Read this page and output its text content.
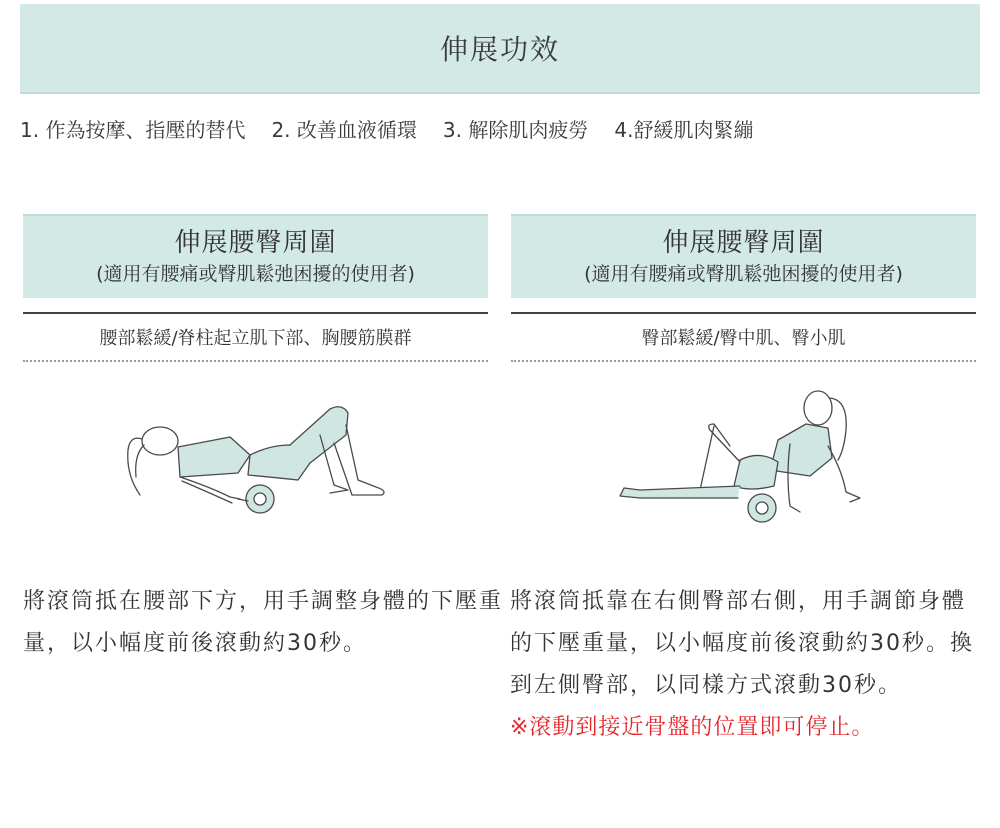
伸展功效
1. 作為按摩、指壓的替代 2. 改善血液循環 3. 解除肌肉疲勞 4.舒緩肌肉緊繃
伸展腰臀周圍
(適用有腰痛或臀肌鬆弛困擾的使用者)
腰部鬆緩/脊柱起立肌下部、胸腰筋膜群
伸展腰臀周圍
(適用有腰痛或臀肌鬆弛困擾的使用者)
臀部鬆緩/臀中肌、臀小肌
將滾筒抵在腰部下方，用手調整身體的下壓重量，以小幅度前後滾動約30秒。
將滾筒抵靠在右側臀部右側，用手調節身體的下壓重量，以小幅度前後滾動約30秒。換到左側臀部，以同樣方式滾動30秒。
※滾動到接近骨盤的位置即可停止。
